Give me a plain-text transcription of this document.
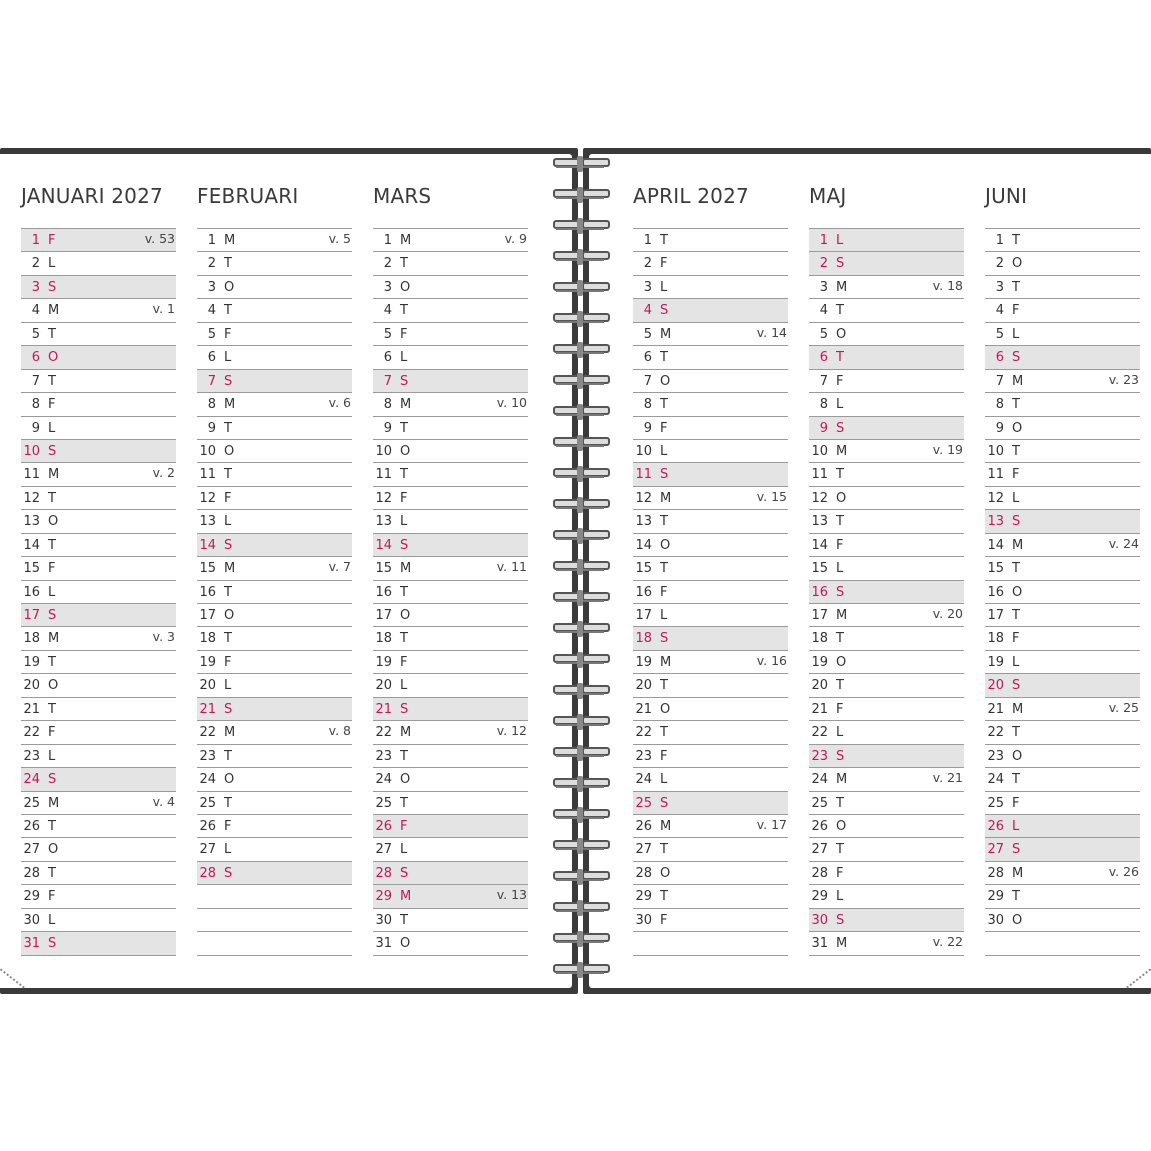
JANUARI 2027
1 F	v. 53
2 L
3 S
4 M	v. 1
5 T
6 O
7 T
8 F
9 L
10 S
11 M	v. 2
12 T
13 O
14 T
15 F
16 L
17 S
18 M	v. 3
19 T
20 O
21 T
22 F
23 L
24 S
25 M	v. 4
26 T
27 O
28 T
29 F
30 L
31 S
FEBRUARI
1 M	v. 5
2 T
3 O
4 T
5 F
6 L
7 S
8 M	v. 6
9 T
10 O
11 T
12 F
13 L
14 S
15 M	v. 7
16 T
17 O
18 T
19 F
20 L
21 S
22 M	v. 8
23 T
24 O
25 T
26 F
27 L
28 S
MARS
1 M	v. 9
2 T
3 O
4 T
5 F
6 L
7 S
8 M	v. 10
9 T
10 O
11 T
12 F
13 L
14 S
15 M	v. 11
16 T
17 O
18 T
19 F
20 L
21 S
22 M	v. 12
23 T
24 O
25 T
26 F
27 L
28 S
29 M	v. 13
30 T
31 O
APRIL 2027
1 T
2 F
3 L
4 S
5 M	v. 14
6 T
7 O
8 T
9 F
10 L
11 S
12 M	v. 15
13 T
14 O
15 T
16 F
17 L
18 S
19 M	v. 16
20 T
21 O
22 T
23 F
24 L
25 S
26 M	v. 17
27 T
28 O
29 T
30 F
MAJ
1 L
2 S
3 M	v. 18
4 T
5 O
6 T
7 F
8 L
9 S
10 M	v. 19
11 T
12 O
13 T
14 F
15 L
16 S
17 M	v. 20
18 T
19 O
20 T
21 F
22 L
23 S
24 M	v. 21
25 T
26 O
27 T
28 F
29 L
30 S
31 M	v. 22
JUNI
1 T
2 O
3 T
4 F
5 L
6 S
7 M	v. 23
8 T
9 O
10 T
11 F
12 L
13 S
14 M	v. 24
15 T
16 O
17 T
18 F
19 L
20 S
21 M	v. 25
22 T
23 O
24 T
25 F
26 L
27 S
28 M	v. 26
29 T
30 O
